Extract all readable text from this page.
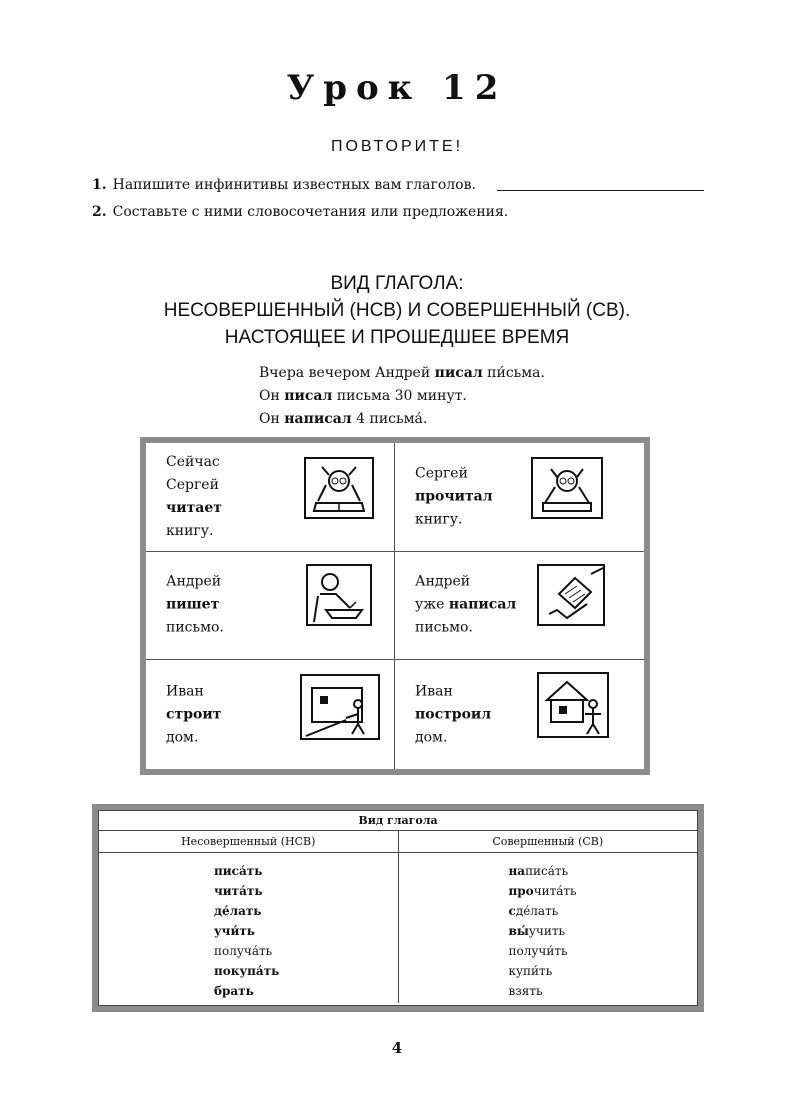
Урок 12
ПОВТОРИТЕ!
1. Напишите инфинитивы известных вам глаголов.
2. Составьте с ними словосочетания или предложения.
ВИД ГЛАГОЛА:
НЕСОВЕРШЕННЫЙ (НСВ) И СОВЕРШЕННЫЙ (СВ).
НАСТОЯЩЕЕ И ПРОШЕДШЕЕ ВРЕМЯ
Вчера вечером Андрей писал пи́сьма.
Он писал письма 30 минут.
Он написал 4 письма́.
Сейчас
Сергей
читает
книгу.
Сергей
прочитал
книгу.
Андрей
пишет
письмо.
Андрей
уже написал
письмо.
Иван
строит
дом.
Иван
построил
дом.
Вид глагола
Несовершенный (НСВ)	Совершенный (СВ)
писа́ть
чита́ть
де́лать
учи́ть
получа́ть
покупа́ть
брать
написа́ть
прочита́ть
сде́лать
вы́учить
получи́ть
купи́ть
взять
4
